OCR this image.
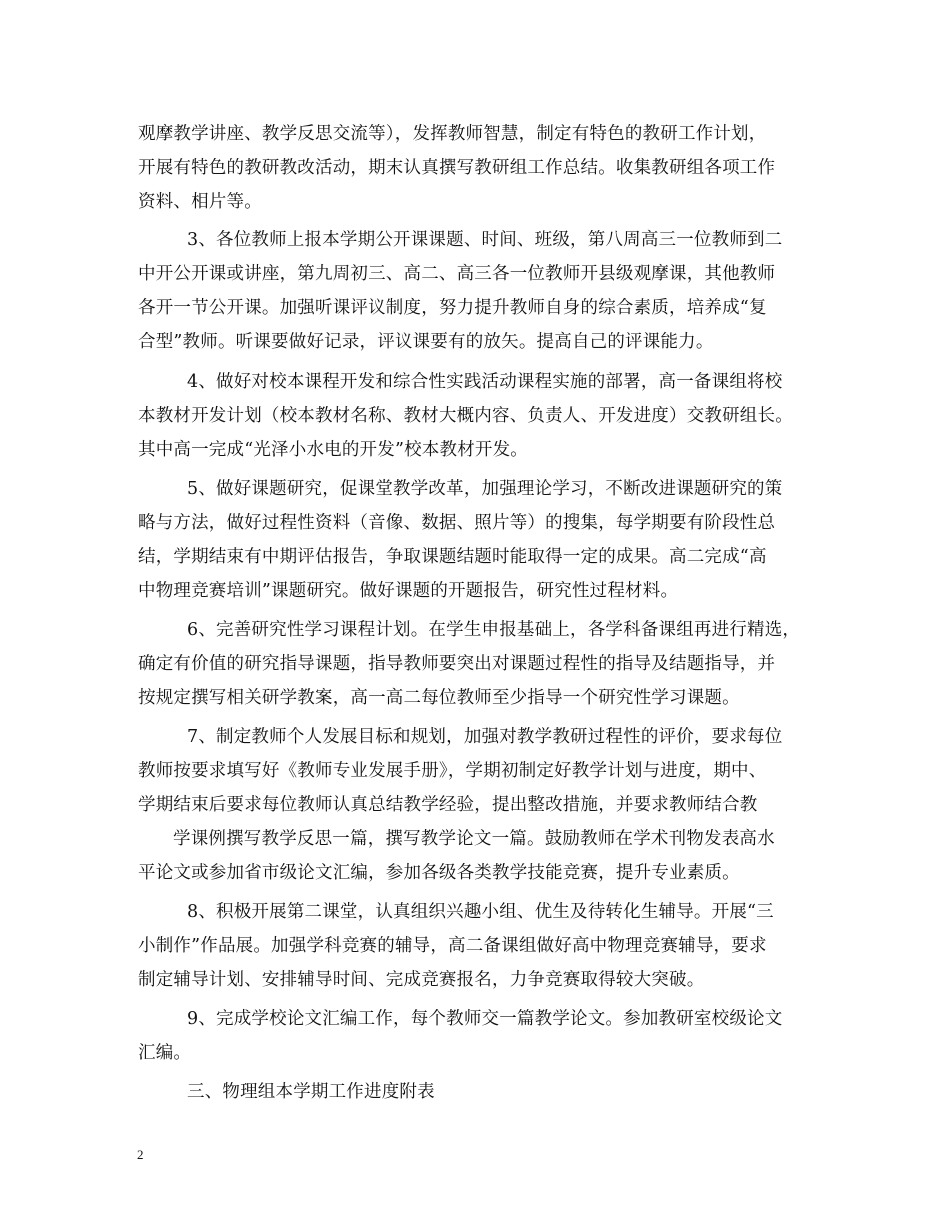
观摩教学讲座、教学反思交流等），发挥教师智慧，制定有特色的教研工作计划，
开展有特色的教研教改活动，期末认真撰写教研组工作总结。收集教研组各项工作
资料、相片等。
3、各位教师上报本学期公开课课题、时间、班级，第八周高三一位教师到二
中开公开课或讲座，第九周初三、高二、高三各一位教师开县级观摩课，其他教师
各开一节公开课。加强听课评议制度，努力提升教师自身的综合素质，培养成“复
合型”教师。听课要做好记录，评议课要有的放矢。提高自己的评课能力。
4、做好对校本课程开发和综合性实践活动课程实施的部署，高一备课组将校
本教材开发计划（校本教材名称、教材大概内容、负责人、开发进度）交教研组长。
其中高一完成“光泽小水电的开发”校本教材开发。
5、做好课题研究，促课堂教学改革，加强理论学习，不断改进课题研究的策
略与方法，做好过程性资料（音像、数据、照片等）的搜集，每学期要有阶段性总
结，学期结束有中期评估报告，争取课题结题时能取得一定的成果。高二完成“高
中物理竞赛培训”课题研究。做好课题的开题报告，研究性过程材料。
6、完善研究性学习课程计划。在学生申报基础上，各学科备课组再进行精选，
确定有价值的研究指导课题，指导教师要突出对课题过程性的指导及结题指导，并
按规定撰写相关研学教案，高一高二每位教师至少指导一个研究性学习课题。
7、制定教师个人发展目标和规划，加强对教学教研过程性的评价，要求每位
教师按要求填写好《教师专业发展手册》，学期初制定好教学计划与进度，期中、
学期结束后要求每位教师认真总结教学经验，提出整改措施，并要求教师结合教
学课例撰写教学反思一篇，撰写教学论文一篇。鼓励教师在学术刊物发表高水
平论文或参加省市级论文汇编，参加各级各类教学技能竞赛，提升专业素质。
8、积极开展第二课堂，认真组织兴趣小组、优生及待转化生辅导。开展“三
小制作”作品展。加强学科竞赛的辅导，高二备课组做好高中物理竞赛辅导，要求
制定辅导计划、安排辅导时间、完成竞赛报名，力争竞赛取得较大突破。
9、完成学校论文汇编工作，每个教师交一篇教学论文。参加教研室校级论文
汇编。
三、物理组本学期工作进度附表
2
